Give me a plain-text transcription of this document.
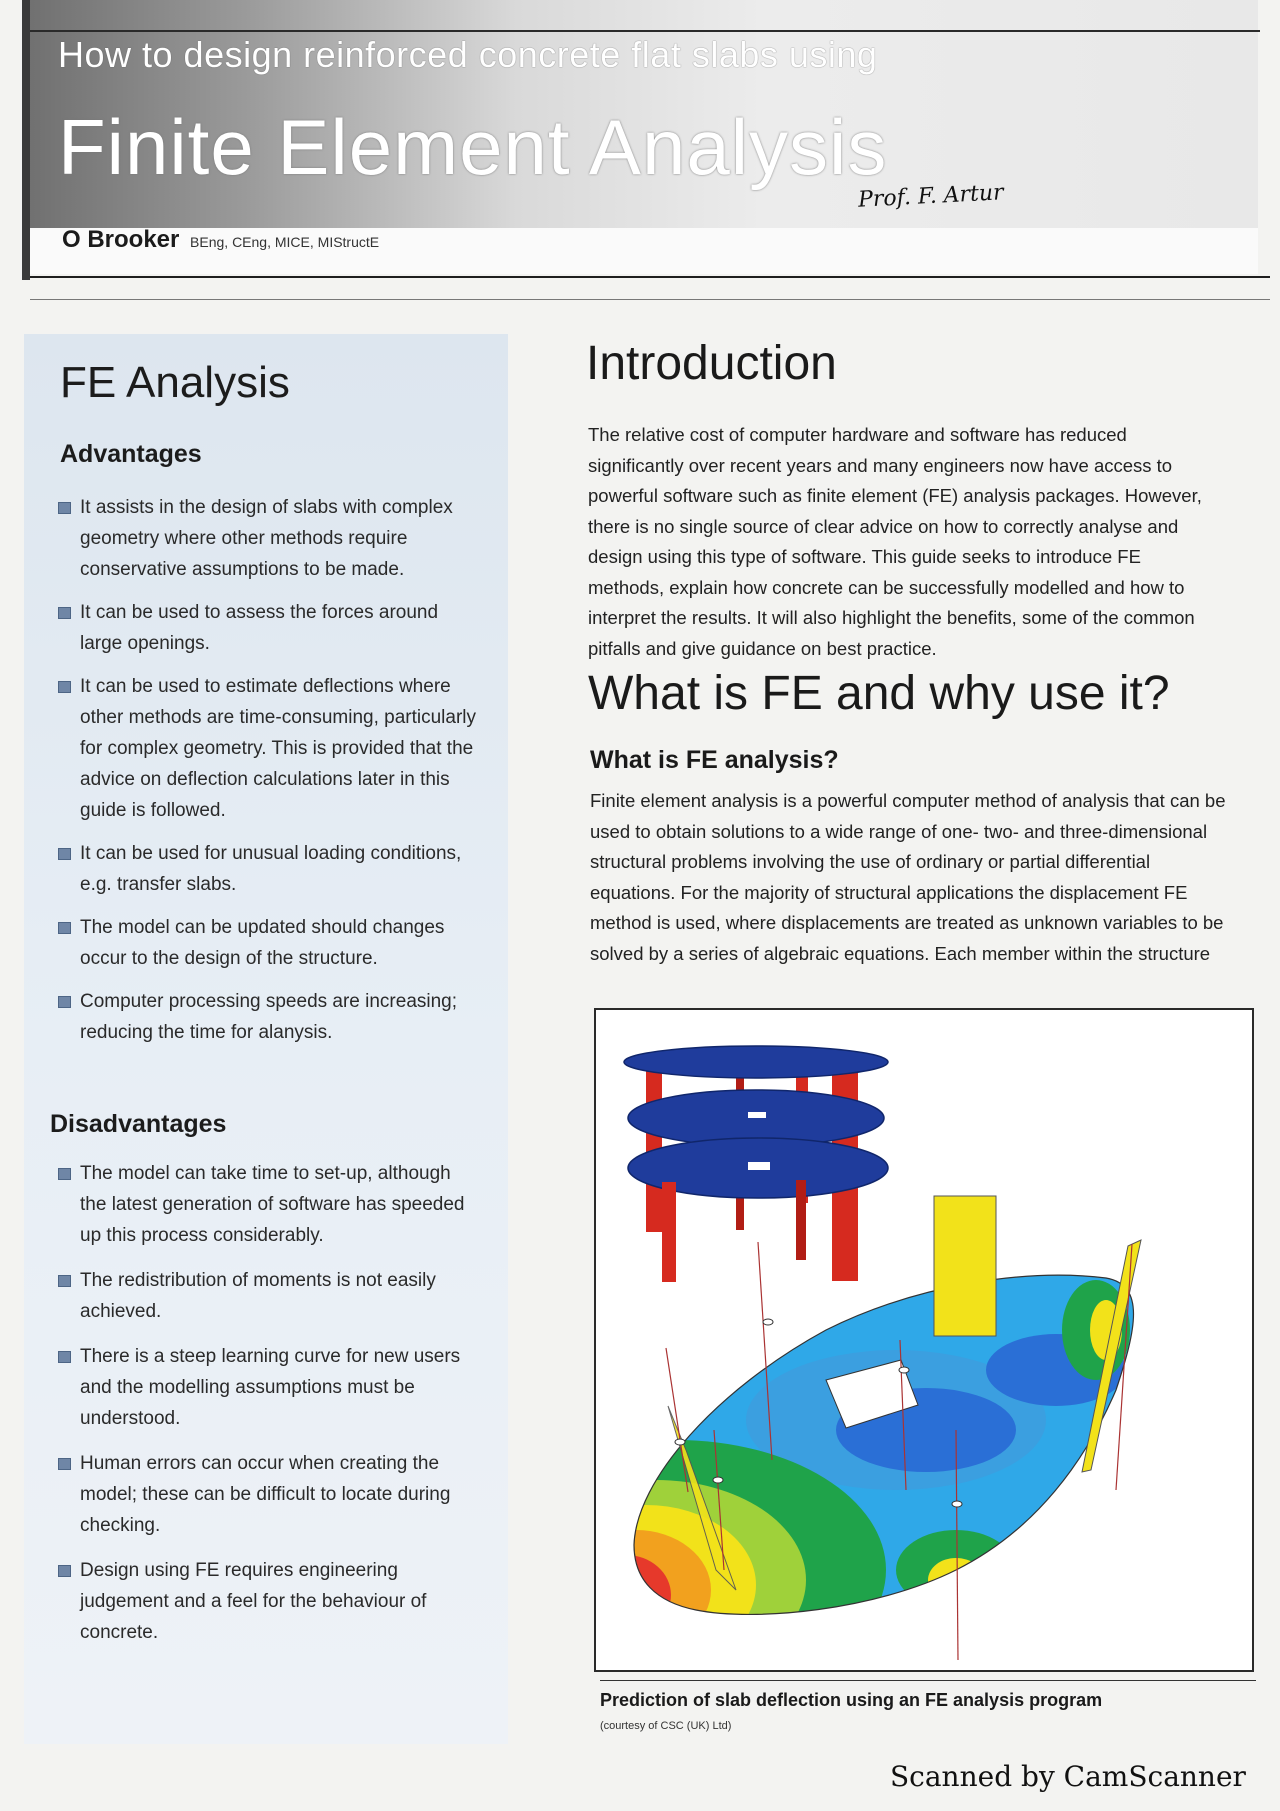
How to design reinforced concrete flat slabs using
Finite Element Analysis
Prof. F. Artur
O Brooker BEng, CEng, MICE, MIStructE
FE Analysis
Advantages
It assists in the design of slabs with complex geometry where other methods require conservative assumptions to be made.
It can be used to assess the forces around large openings.
It can be used to estimate deflections where other methods are time-consuming, particularly for complex geometry. This is provided that the advice on deflection calculations later in this guide is followed.
It can be used for unusual loading conditions, e.g. transfer slabs.
The model can be updated should changes occur to the design of the structure.
Computer processing speeds are increasing; reducing the time for alanysis.
Disadvantages
The model can take time to set-up, although the latest generation of software has speeded up this process considerably.
The redistribution of moments is not easily achieved.
There is a steep learning curve for new users and the modelling assumptions must be understood.
Human errors can occur when creating the model; these can be difficult to locate during checking.
Design using FE requires engineering judgement and a feel for the behaviour of concrete.
Introduction

The relative cost of computer hardware and software has reduced significantly over recent years and many engineers now have access to powerful software such as finite element (FE) analysis packages. However, there is no single source of clear advice on how to correctly analyse and design using this type of software. This guide seeks to introduce FE methods, explain how concrete can be successfully modelled and how to interpret the results. It will also highlight the benefits, some of the common pitfalls and give guidance on best practice.

What is FE and why use it?
What is FE analysis?

Finite element analysis is a powerful computer method of analysis that can be used to obtain solutions to a wide range of one- two- and three-dimensional structural problems involving the use of ordinary or partial differential equations. For the majority of structural applications the displacement FE method is used, where displacements are treated as unknown variables to be solved by a series of algebraic equations. Each member within the structure

Prediction of slab deflection using an FE analysis program
(courtesy of CSC (UK) Ltd)
Scanned by CamScanner
